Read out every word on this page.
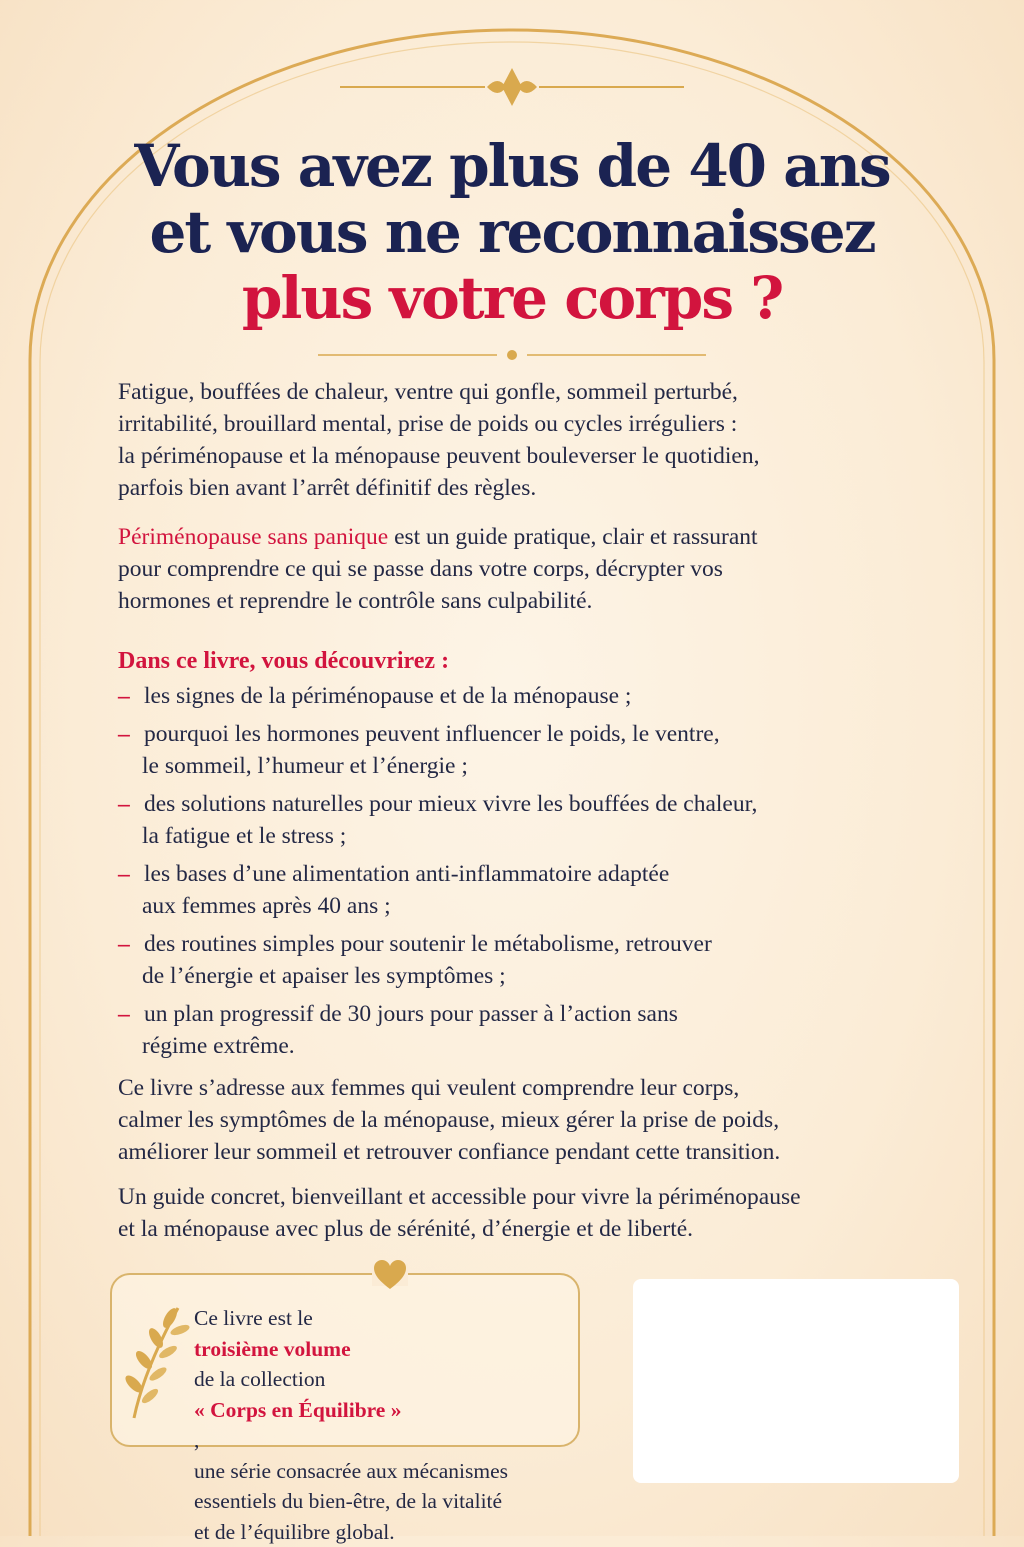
Vous avez plus de 40 ans
et vous ne reconnaissez
plus votre corps ?

Fatigue, bouffées de chaleur, ventre qui gonfle, sommeil perturbé,

irritabilité, brouillard mental, prise de poids ou cycles irréguliers :

la périménopause et la ménopause peuvent bouleverser le quotidien,

parfois bien avant l’arrêt définitif des règles.

Périménopause sans panique est un guide pratique, clair et rassurant

pour comprendre ce qui se passe dans votre corps, décrypter vos

hormones et reprendre le contrôle sans culpabilité.

Dans ce livre, vous découvrirez :

– les signes de la périménopause et de la ménopause ;
– pourquoi les hormones peuvent influencer le poids, le ventre,
le sommeil, l’humeur et l’énergie ;
– des solutions naturelles pour mieux vivre les bouffées de chaleur,
la fatigue et le stress ;
– les bases d’une alimentation anti-inflammatoire adaptée
aux femmes après 40 ans ;
– des routines simples pour soutenir le métabolisme, retrouver
de l’énergie et apaiser les symptômes ;
– un plan progressif de 30 jours pour passer à l’action sans
régime extrême.

Ce livre s’adresse aux femmes qui veulent comprendre leur corps,

calmer les symptômes de la ménopause, mieux gérer la prise de poids,

améliorer leur sommeil et retrouver confiance pendant cette transition.

Un guide concret, bienveillant et accessible pour vivre la périménopause

et la ménopause avec plus de sérénité, d’énergie et de liberté.

Ce livre est le
troisième volume
de la collection
« Corps en Équilibre »
,
une série consacrée aux mécanismes
essentiels du bien-être, de la vitalité
et de l’équilibre global.
